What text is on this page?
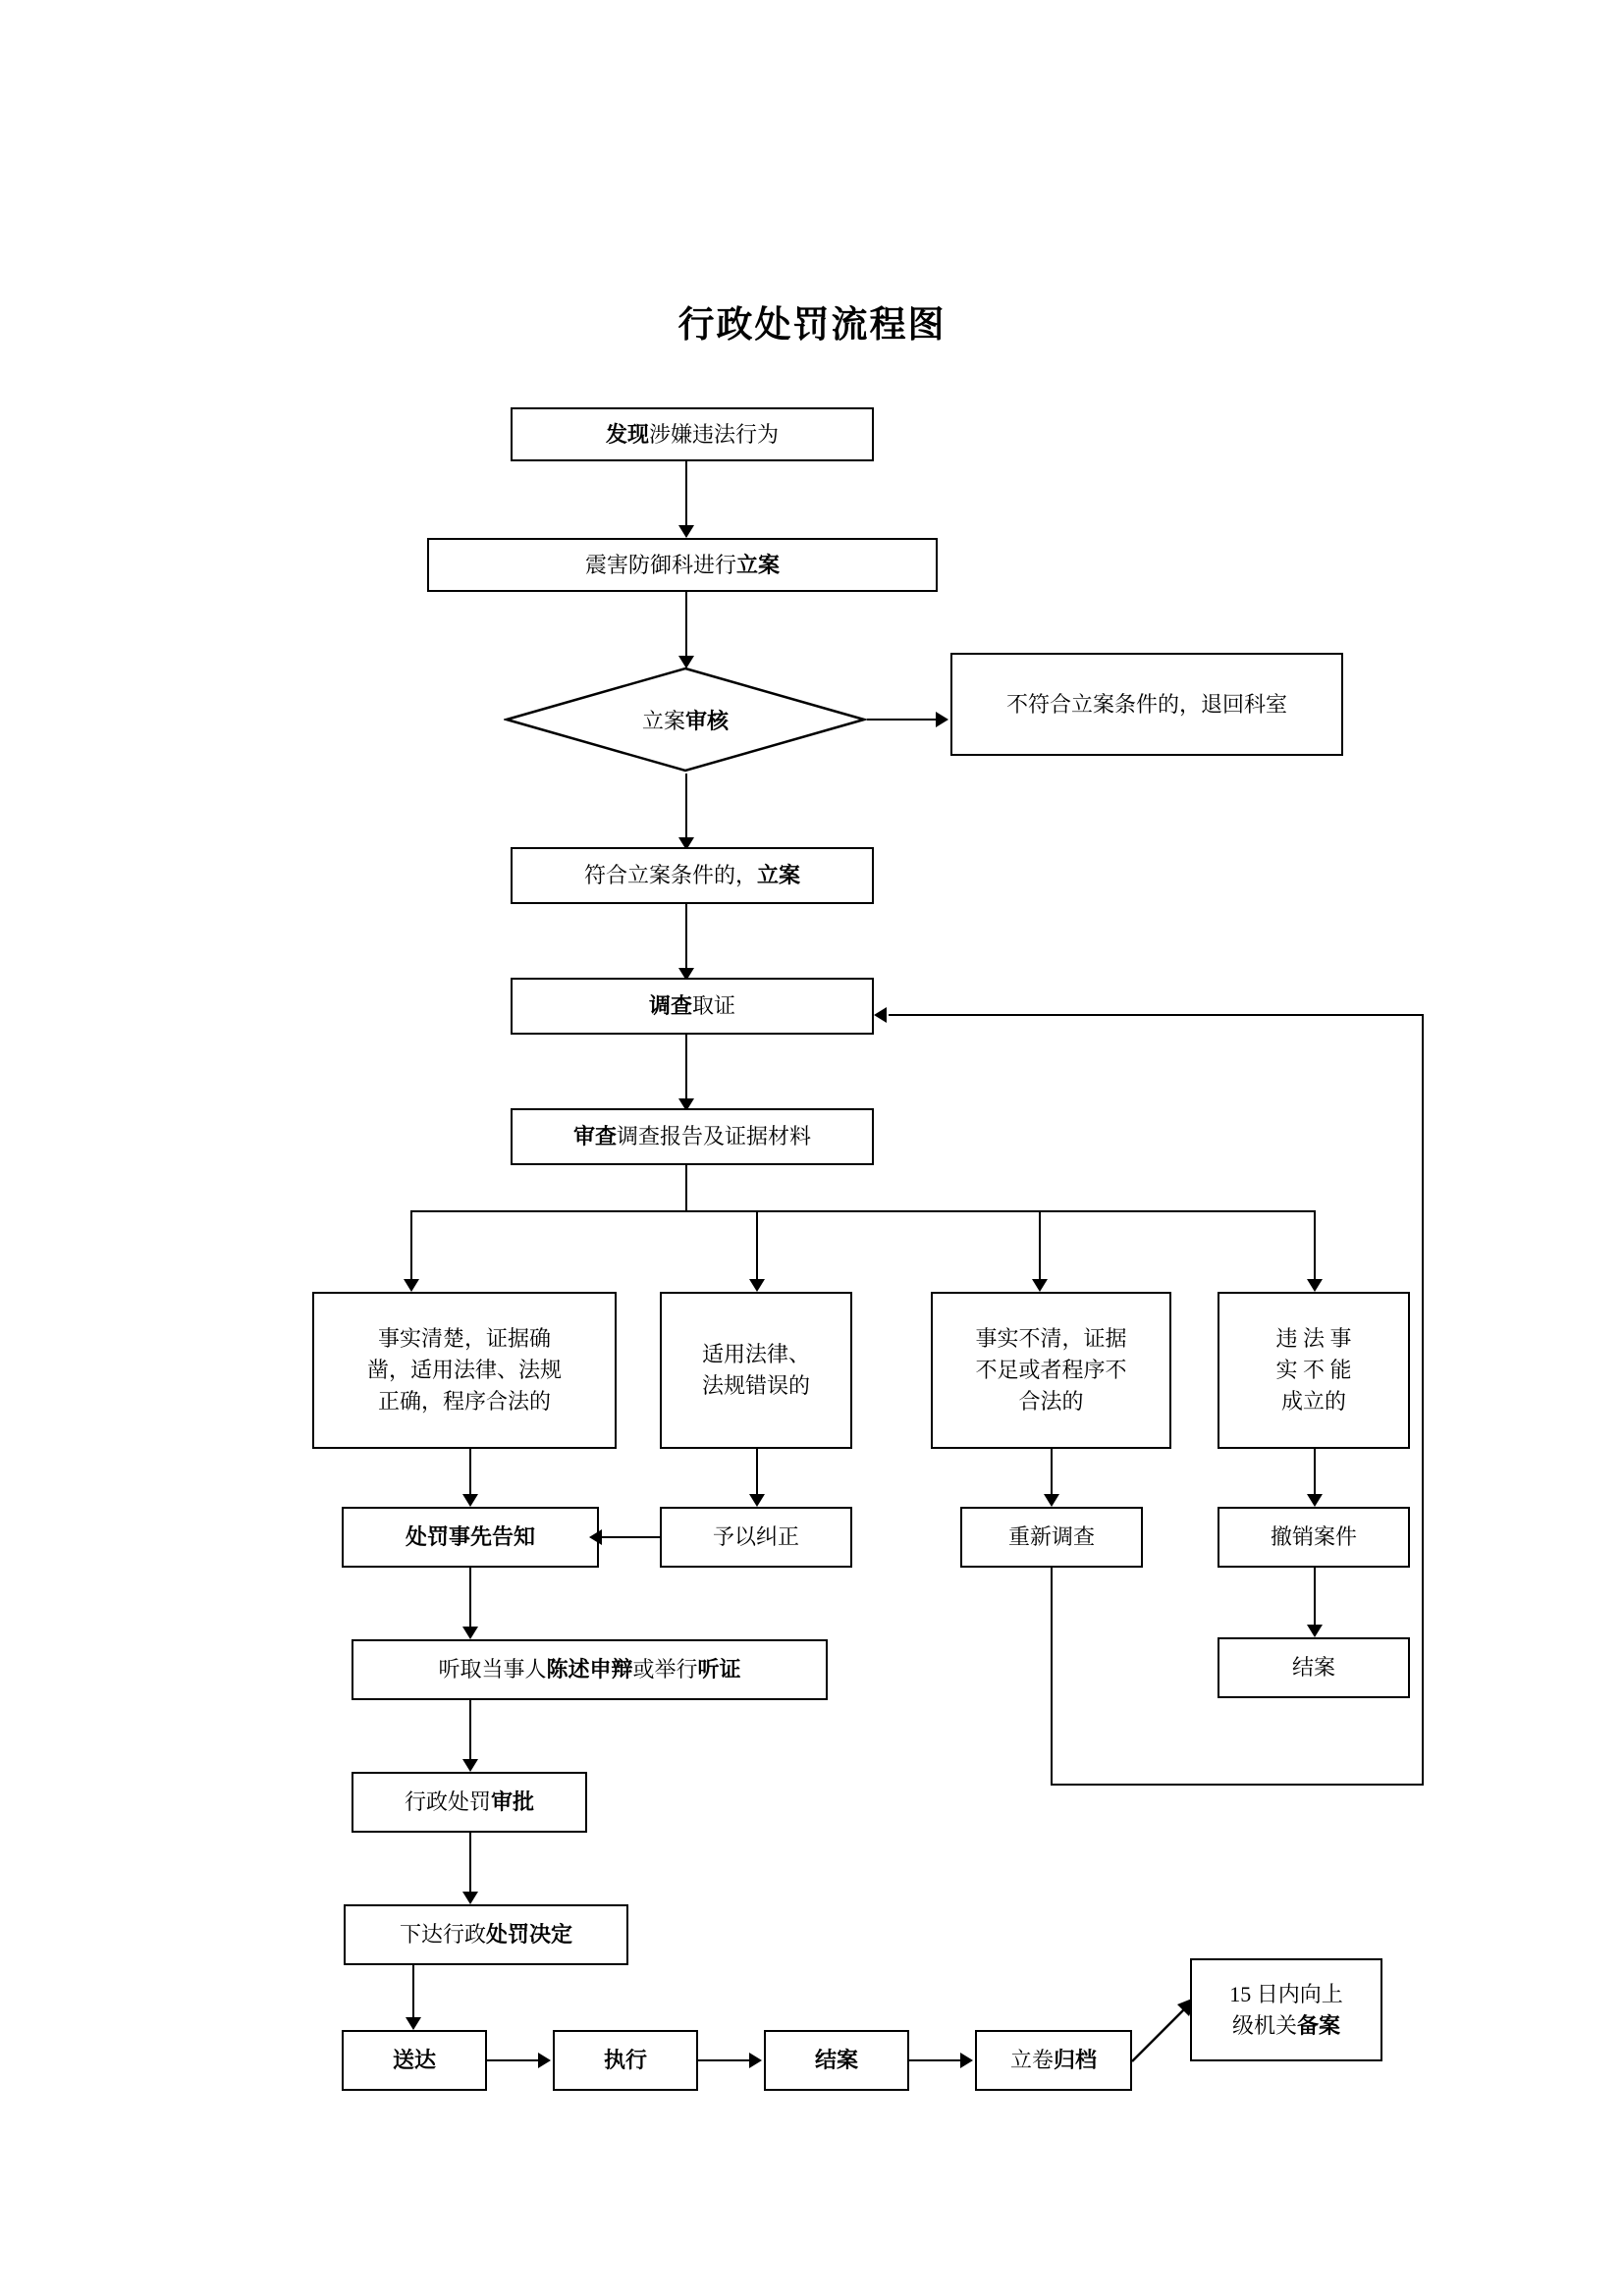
行政处罚流程图
发现涉嫌违法行为
震害防御科进行立案
立案审核
不符合立案条件的，退回科室
符合立案条件的，立案
调查取证
审查调查报告及证据材料
事实清楚，证据确
凿，适用法律、法规
正确，程序合法的
适用法律、
法规错误的
事实不清，证据
不足或者程序不
合法的
违 法 事
实 不 能
成立的
处罚事先告知	予以纠正	重新调查	撤销案件
结案
听取当事人陈述申辩或举行听证
行政处罚审批
下达行政处罚决定
送达	执行	结案	立卷归档
15 日内向上
级机关备案
